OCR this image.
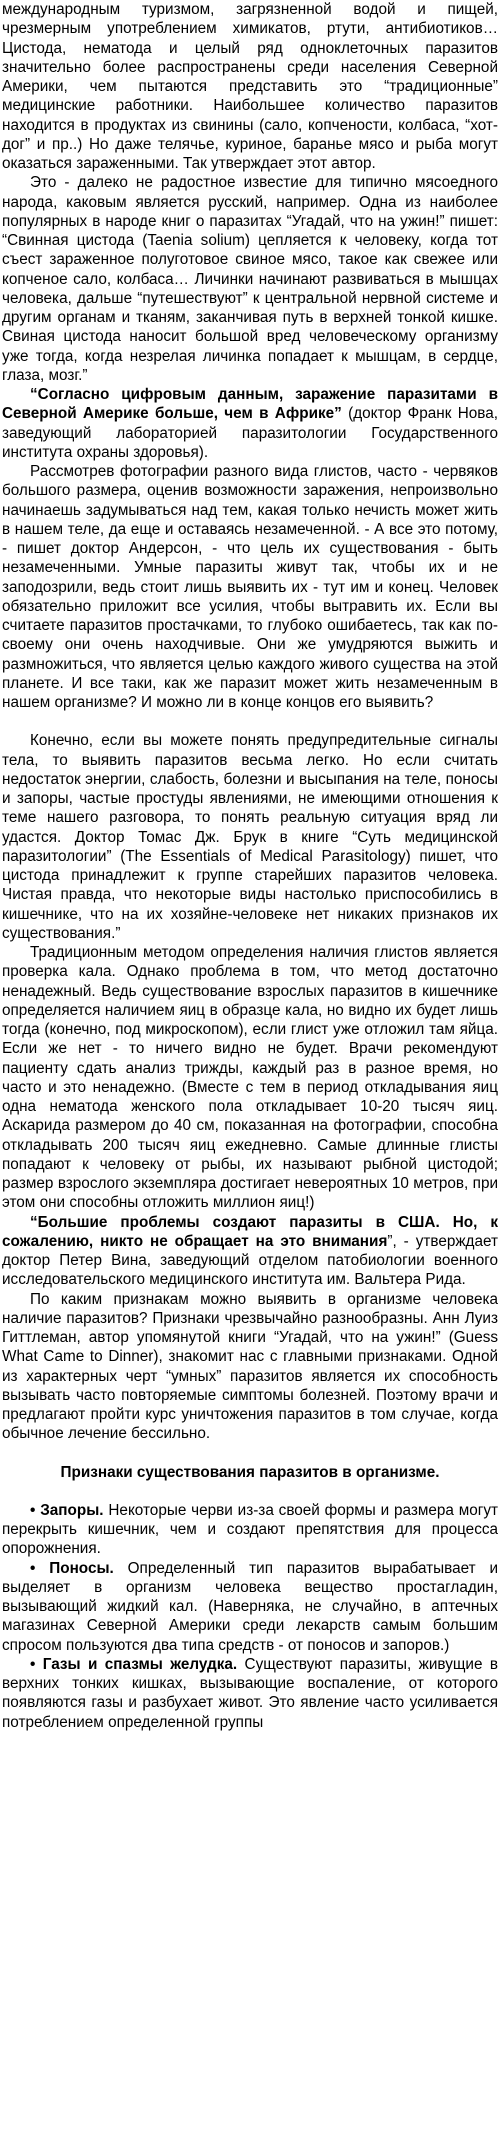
международным туризмом, загрязненной водой и пищей, чрезмерным употреблением химикатов, ртути, антибиотиков… Цистода, нематода и целый ряд одноклеточных паразитов значительно более распространены среди населения Северной Америки, чем пытаются представить это “традиционные” медицинские работники. Наибольшее количество паразитов находится в продуктах из свинины (сало, копчености, колбаса, “хот-дог” и пр..) Но даже телячье, куриное, баранье мясо и рыба могут оказаться зараженными. Так утверждает этот автор.

Это - далеко не радостное известие для типично мясоедного народа, каковым является русский, например. Одна из наиболее популярных в народе книг о паразитах “Угадай, что на ужин!” пишет: “Свинная цистода (Taenia solium) цепляется к человеку, когда тот съест зараженное полуготовое свиное мясо, такое как свежее или копченое сало, колбаса… Личинки начинают развиваться в мышцах человека, дальше “путешествуют” к центральной нервной системе и другим органам и тканям, заканчивая путь в верхней тонкой кишке. Свиная цистода наносит большой вред человеческому организму уже тогда, когда незрелая личинка попадает к мышцам, в сердце, глаза, мозг.”

“Согласно цифровым данным, заражение паразитами в Северной Америке больше, чем в Африке” (доктор Франк Нова, заведующий лабораторией паразитологии Государственного института охраны здоровья).

Рассмотрев фотографии разного вида глистов, часто - червяков большого размера, оценив возможности заражения, непроизвольно начинаешь задумываться над тем, какая только нечисть может жить в нашем теле, да еще и оставаясь незамеченной. - А все это потому, - пишет доктор Андерсон, - что цель их существования - быть незамеченными. Умные паразиты живут так, чтобы их и не заподозрили, ведь стоит лишь выявить их - тут им и конец. Человек обязательно приложит все усилия, чтобы вытравить их. Если вы считаете паразитов простачками, то глубоко ошибаетесь, так как по-своему они очень находчивые. Они же умудряются выжить и размножиться, что является целью каждого живого существа на этой планете. И все таки, как же паразит может жить незамеченным в нашем организме? И можно ли в конце концов его выявить?

Конечно, если вы можете понять предупредительные сигналы тела, то выявить паразитов весьма легко. Но если считать недостаток энергии, слабость, болезни и высыпания на теле, поносы и запоры, частые простуды явлениями, не имеющими отношения к теме нашего разговора, то понять реальную ситуация вряд ли удастся. Доктор Томас Дж. Брук в книге “Суть медицинской паразитологии” (The Essentials of Medical Parasitology) пишет, что цистода принадлежит к группе старейших паразитов человека. Чистая правда, что некоторые виды настолько приспособились в кишечнике, что на их хозяйне-человеке нет никаких признаков их существования.”

Традиционным методом определения наличия глистов является проверка кала. Однако проблема в том, что метод достаточно ненадежный. Ведь существование взрослых паразитов в кишечнике определяется наличием яиц в образце кала, но видно их будет лишь тогда (конечно, под микроскопом), если глист уже отложил там яйца. Если же нет - то ничего видно не будет. Врачи рекомендуют пациенту сдать анализ трижды, каждый раз в разное время, но часто и это ненадежно. (Вместе с тем в период откладывания яиц одна нематода женского пола откладывает 10-20 тысяч яиц. Аскарида размером до 40 см, показанная на фотографии, способна откладывать 200 тысяч яиц ежедневно. Самые длинные глисты попадают к человеку от рыбы, их называют рыбной цистодой; размер взрослого экземпляра достигает невероятных 10 метров, при этом они способны отложить миллион яиц!)

“Большие проблемы создают паразиты в США. Но, к сожалению, никто не обращает на это внимания”, - утверждает доктор Петер Вина, заведующий отделом патобиологии военного исследовательского медицинского института им. Вальтера Рида.

По каким признакам можно выявить в организме человека наличие паразитов? Признаки чрезвычайно разнообразны. Анн Луиз Гиттлеман, автор упомянутой книги “Угадай, что на ужин!” (Guess What Came to Dinner), знакомит нас с главными признаками. Одной из характерных черт “умных” паразитов является их способность вызывать часто повторяемые симптомы болезней. Поэтому врачи и предлагают пройти курс уничтожения паразитов в том случае, когда обычное лечение бессильно.

Признаки существования паразитов в организме.

• Запоры. Некоторые черви из-за своей формы и размера могут перекрыть кишечник, чем и создают препятствия для процесса опорожнения.

• Поносы. Определенный тип паразитов вырабатывает и выделяет в организм человека вещество простагладин, вызывающий жидкий кал. (Наверняка, не случайно, в аптечных магазинах Северной Америки среди лекарств самым большим спросом пользуются два типа средств - от поносов и запоров.)

• Газы и спазмы желудка. Существуют паразиты, живущие в верхних тонких кишках, вызывающие воспаление, от которого появляются газы и разбухает живот. Это явление часто усиливается потреблением определенной группы
